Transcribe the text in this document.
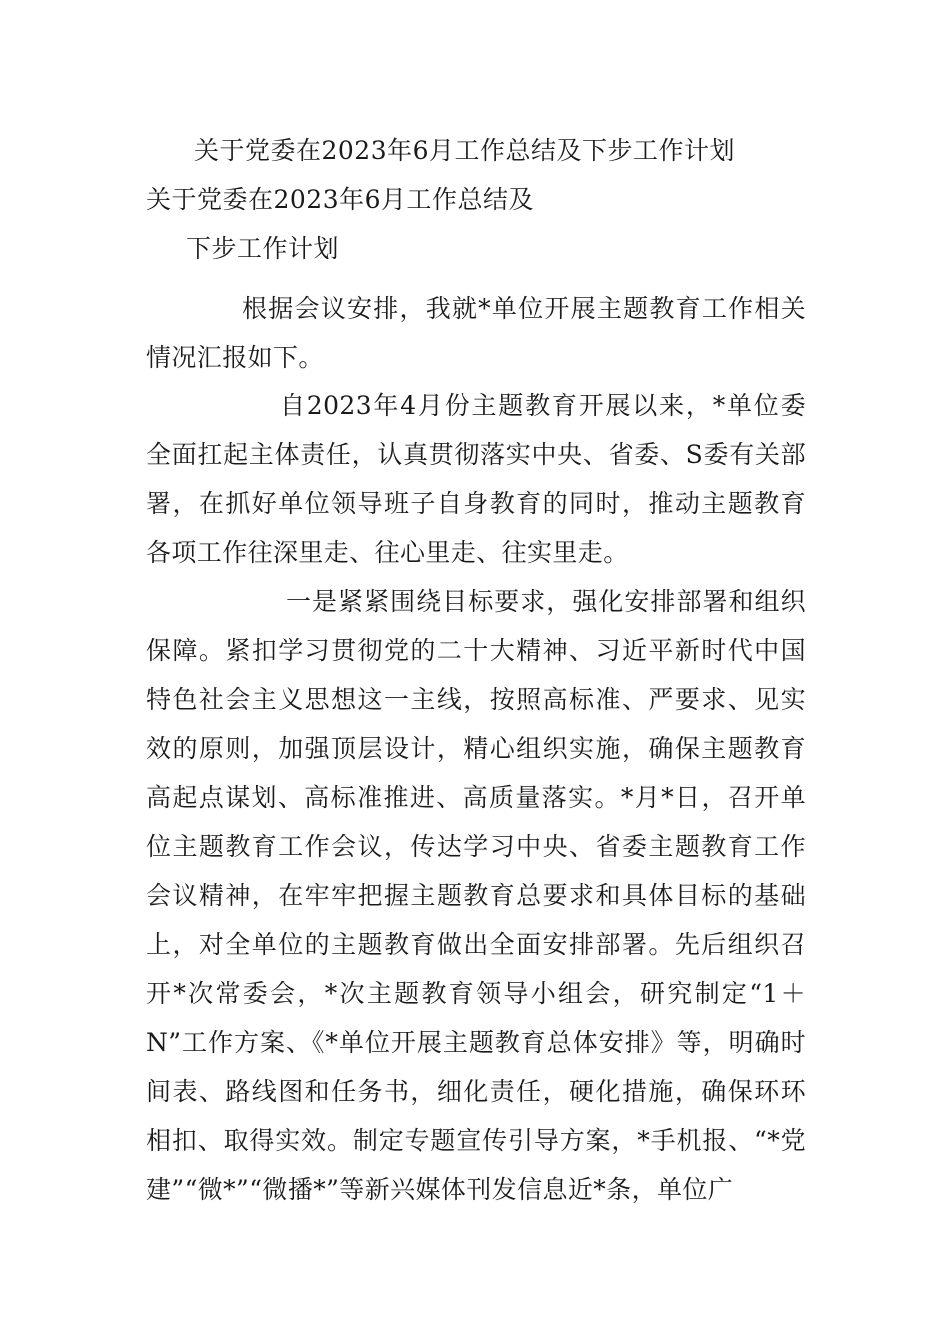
关于党委在2023年6月工作总结及下步工作计划
关于党委在2023年6月工作总结及
下步工作计划

根据会议安排，我就*单位开展主题教育工作相关情况汇报如下。

自2023年4月份主题教育开展以来，*单位委全面扛起主体责任，认真贯彻落实中央、省委、S委有关部署，在抓好单位领导班子自身教育的同时，推动主题教育各项工作往深里走、往心里走、往实里走。

一是紧紧围绕目标要求，强化安排部署和组织保障。紧扣学习贯彻党的二十大精神、习近平新时代中国特色社会主义思想这一主线，按照高标准、严要求、见实效的原则，加强顶层设计，精心组织实施，确保主题教育高起点谋划、高标准推进、高质量落实。*月*日，召开单位主题教育工作会议，传达学习中央、省委主题教育工作会议精神，在牢牢把握主题教育总要求和具体目标的基础上，对全单位的主题教育做出全面安排部署。先后组织召开*次常委会，*次主题教育领导小组会，研究制定“1＋N”工作方案、《*单位开展主题教育总体安排》等，明确时间表、路线图和任务书，细化责任，硬化措施，确保环环相扣、取得实效。制定专题宣传引导方案，*手机报、“*党建”“微*”“微播*”等新兴媒体刊发信息近*条，单位广
